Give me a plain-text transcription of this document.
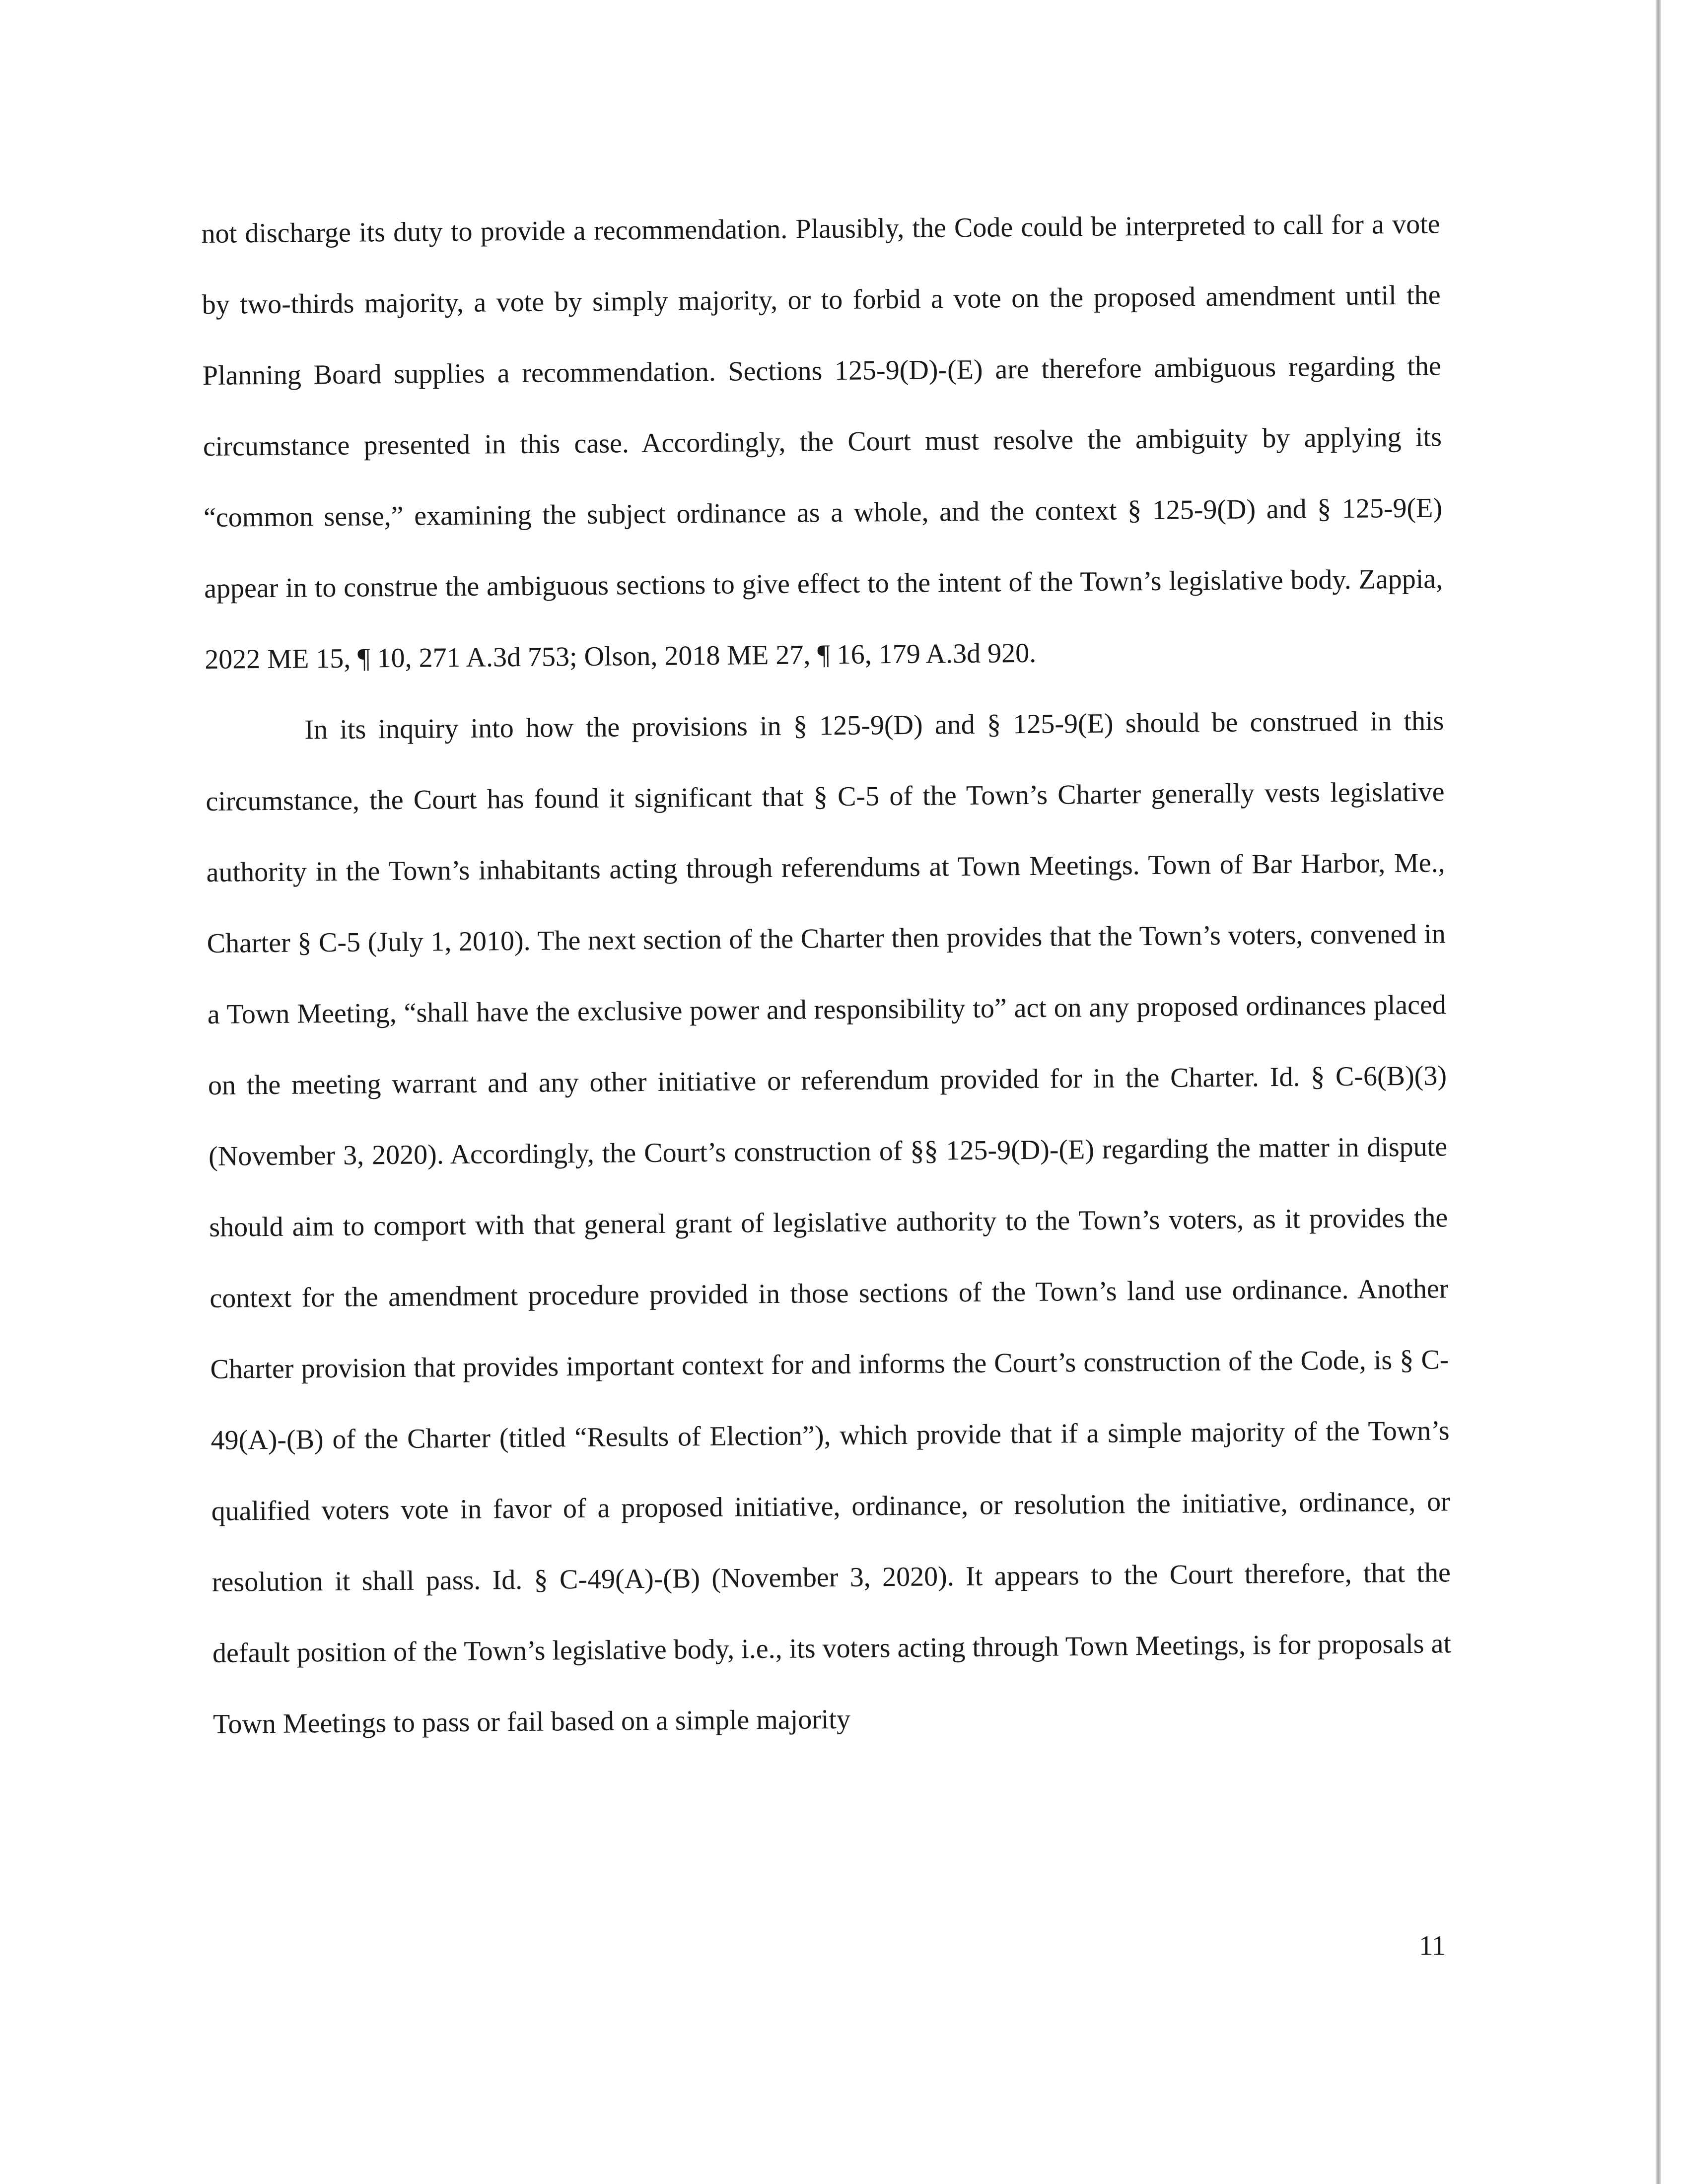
not discharge its duty to provide a recommendation. Plausibly, the Code could be interpreted to call for a vote by two-thirds majority, a vote by simply majority, or to forbid a vote on the proposed amendment until the Planning Board supplies a recommendation. Sections 125-9(D)-(E) are therefore ambiguous regarding the circumstance presented in this case. Accordingly, the Court must resolve the ambiguity by applying its “common sense,” examining the subject ordinance as a whole, and the context § 125-9(D) and § 125-9(E) appear in to construe the ambiguous sections to give effect to the intent of the Town’s legislative body. Zappia, 2022 ME 15, ¶ 10, 271 A.3d 753; Olson, 2018 ME 27, ¶ 16, 179 A.3d 920.

In its inquiry into how the provisions in § 125-9(D) and § 125-9(E) should be construed in this circumstance, the Court has found it significant that § C-5 of the Town’s Charter generally vests legislative authority in the Town’s inhabitants acting through referendums at Town Meetings. Town of Bar Harbor, Me., Charter § C-5 (July 1, 2010). The next section of the Charter then provides that the Town’s voters, convened in a Town Meeting, “shall have the exclusive power and responsibility to” act on any proposed ordinances placed on the meeting warrant and any other initiative or referendum provided for in the Charter. Id. § C-6(B)(3) (November 3, 2020). Accordingly, the Court’s construction of §§ 125-9(D)-(E) regarding the matter in dispute should aim to comport with that general grant of legislative authority to the Town’s voters, as it provides the context for the amendment procedure provided in those sections of the Town’s land use ordinance. Another Charter provision that provides important context for and informs the Court’s construction of the Code, is § C-49(A)-(B) of the Charter (titled “Results of Election”), which provide that if a simple majority of the Town’s qualified voters vote in favor of a proposed initiative, ordinance, or resolution the initiative, ordinance, or resolution it shall pass. Id. § C-49(A)-(B) (November 3, 2020). It appears to the Court therefore, that the default position of the Town’s legislative body, i.e., its voters acting through Town Meetings, is for proposals at Town Meetings to pass or fail based on a simple majority

11
